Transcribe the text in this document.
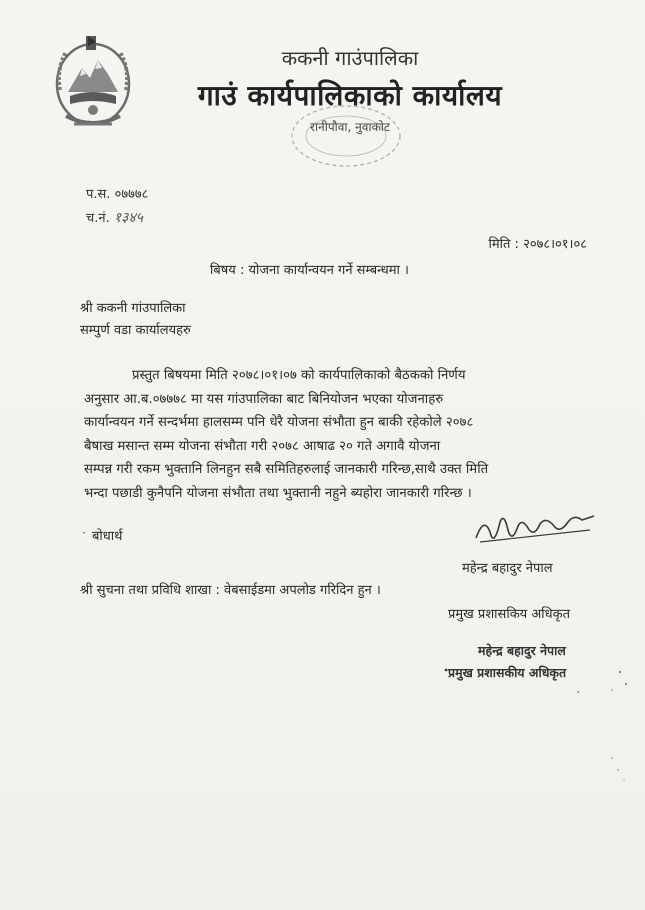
ककनी गाउंपालिका
गाउं कार्यपालिकाको कार्यालय
रानीपौवा, नुवाकोट
प.स. ०७७७८
च.नं. १३४५
मिति : २०७८।०१।०८
बिषय : योजना कार्यान्वयन गर्ने सम्बन्धमा ।
श्री ककनी गांउपालिका
सम्पुर्ण वडा कार्यालयहरु
प्रस्तुत बिषयमा मिति २०७८।०१।०७ को कार्यपालिकाको बैठकको निर्णय
अनुसार आ.ब.०७७७८ मा यस गांउपालिका बाट बिनियोजन भएका योजनाहरु
कार्यान्वयन गर्ने सन्दर्भमा हालसम्म पनि धेरै योजना संभौता हुन बाकी रहेकोले २०७८
बैषाख मसान्त सम्म योजना संभौता गरी २०७८ आषाढ २० गते अगावै योजना
सम्पन्न गरी रकम भुक्तानि लिनहुन सबै समितिहरुलाई जानकारी गरिन्छ,साथै उक्त मिति
भन्दा पछाडी कुनैपनि योजना संभौता तथा भुक्तानी नहुने ब्यहोरा जानकारी गरिन्छ ।
· बोधार्थ
महेन्द्र बहादुर नेपाल
श्री सुचना तथा प्रविधि शाखा : वेबसाईडमा अपलोड गरिदिन हुन ।
प्रमुख प्रशासकिय अधिकृत
महेन्द्र बहादुर नेपाल
प्रमुख प्रशासकीय अधिकृत
